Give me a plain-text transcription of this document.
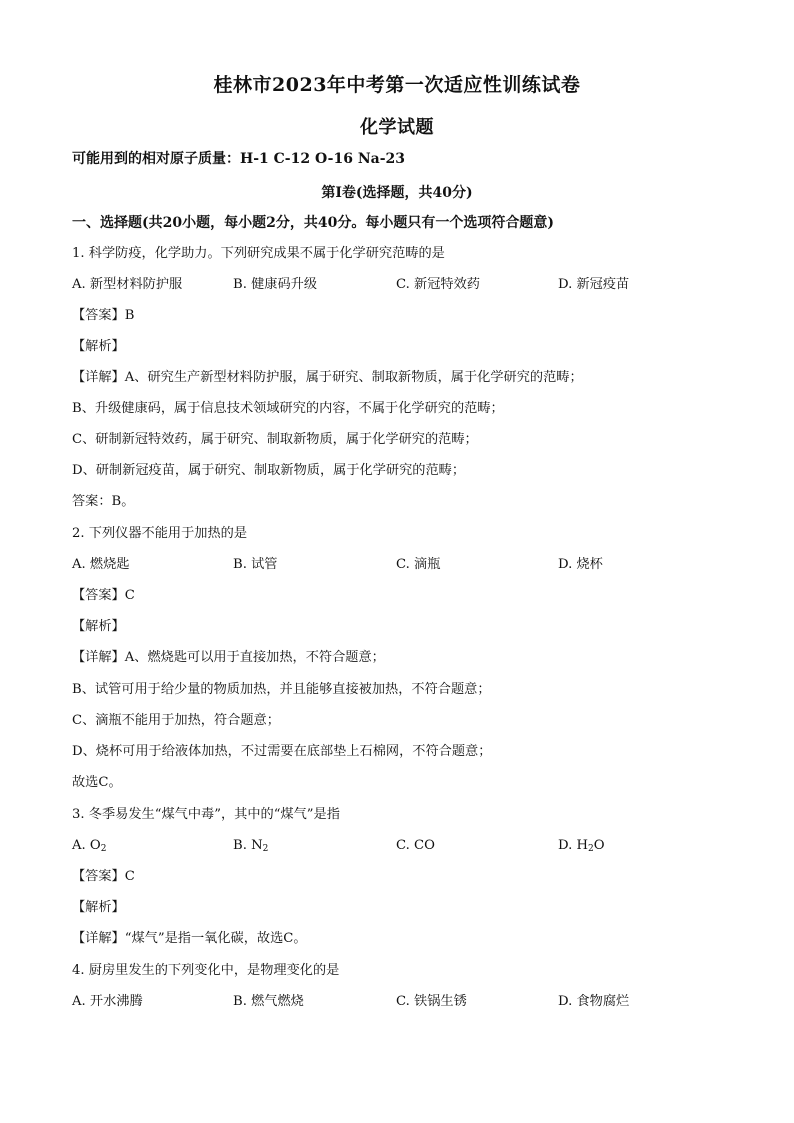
桂林市2023年中考第一次适应性训练试卷
化学试题
可能用到的相对原子质量：H-1 C-12 O-16 Na-23
第Ⅰ卷(选择题，共40分)
一、选择题(共20小题，每小题2分，共40分。每小题只有一个选项符合题意)
1. 科学防疫，化学助力。下列研究成果不属于化学研究范畴的是
A. 新型材料防护服	B. 健康码升级	C. 新冠特效药	D. 新冠疫苗
【答案】B
【解析】
【详解】A、研究生产新型材料防护服，属于研究、制取新物质，属于化学研究的范畴；
B、升级健康码，属于信息技术领域研究的内容，不属于化学研究的范畴；
C、研制新冠特效药，属于研究、制取新物质，属于化学研究的范畴；
D、研制新冠疫苗，属于研究、制取新物质，属于化学研究的范畴；
答案：B。
2. 下列仪器不能用于加热的是
A. 燃烧匙	B. 试管	C. 滴瓶	D. 烧杯
【答案】C
【解析】
【详解】A、燃烧匙可以用于直接加热，不符合题意；
B、试管可用于给少量的物质加热，并且能够直接被加热，不符合题意；
C、滴瓶不能用于加热，符合题意；
D、烧杯可用于给液体加热，不过需要在底部垫上石棉网，不符合题意；
故选C。
3. 冬季易发生“煤气中毒”，其中的“煤气”是指
A. $O_2$	B. $N_2$	C. CO	D. $H_2O$
【答案】C
【解析】
【详解】“煤气”是指一氧化碳，故选C。
4. 厨房里发生的下列变化中，是物理变化的是
A. 开水沸腾	B. 燃气燃烧	C. 铁锅生锈	D. 食物腐烂
